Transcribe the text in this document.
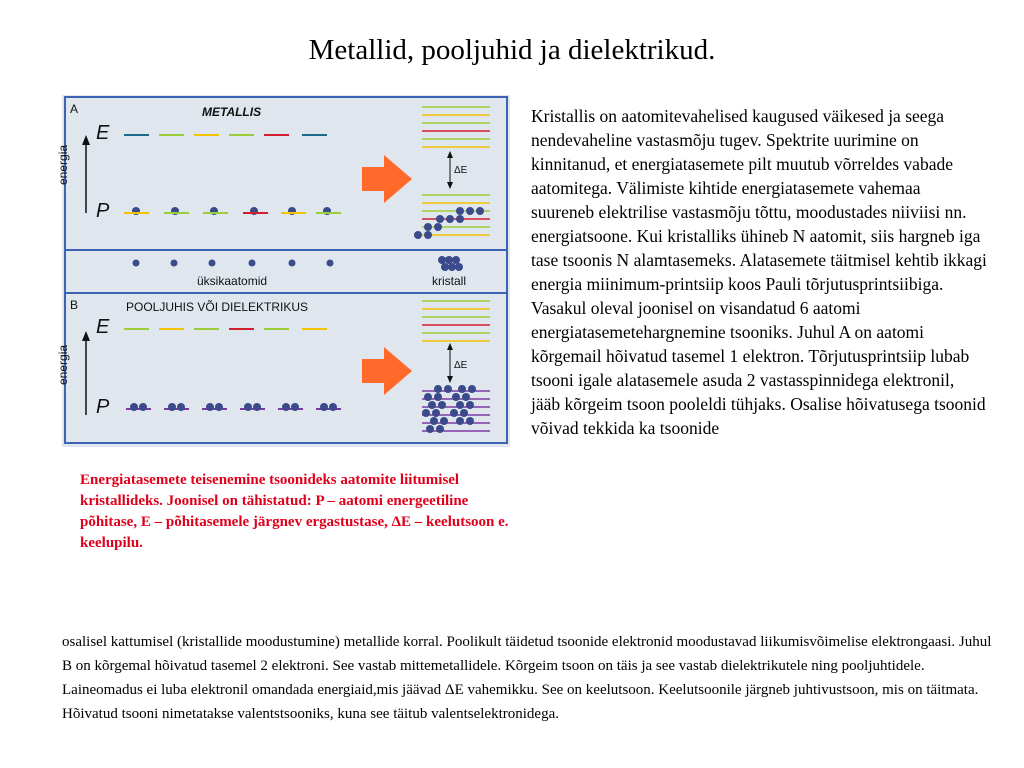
Metallid, pooljuhid ja dielektrikud.
A	METALLIS
E
P
energia	ΔE
üksikaatomid	kristall
B	POOLJUHIS VÕI DIELEKTRIKUS
E
P
energia	ΔE
Energiatasemete teisenemine tsoonideks aatomite liitumisel kristallideks. Joonisel on tähistatud: P – aatomi energeetiline põhitase, E – põhitasemele järgnev ergastustase, ΔE – keelutsoon e. keelupilu.
Kristallis on aatomitevahelised kaugused väikesed ja seega nendevaheline vastasmõju tugev. Spektrite uurimine on kinnitanud, et energiatasemete pilt muutub võrreldes vabade aatomitega. Välimiste kihtide energiatasemete vahemaa suureneb elektrilise vastasmõju tõttu, moodustades niiviisi nn. energiatsoone. Kui kristalliks ühineb N aatomit, siis hargneb iga tase tsoonis N alamtasemeks. Alatasemete täitmisel kehtib ikkagi energia miinimum-printsiip koos Pauli tõrjutusprintsiibiga. Vasakul oleval joonisel on visandatud 6 aatomi energiatasemetehargnemine tsooniks. Juhul A on aatomi kõrgemail hõivatud tasemel 1 elektron. Tõrjutusprintsiip lubab tsooni igale alatasemele asuda 2 vastasspinnidega elektronil, jääb kõrgeim tsoon pooleldi tühjaks. Osalise hõivatusega tsoonid võivad tekkida ka tsoonide
osalisel kattumisel (kristallide moodustumine) metallide korral. Poolikult täidetud tsoonide elektronid moodustavad liikumisvõimelise elektrongaasi. Juhul B on kõrgemal hõivatud tasemel 2 elektroni. See vastab mittemetallidele. Kõrgeim tsoon on täis ja see vastab dielektrikutele ning pooljuhtidele. Laineomadus ei luba elektronil omandada energiaid,mis jäävad ΔE vahemikku. See on keelutsoon. Keelutsoonile järgneb juhtivustsoon, mis on täitmata. Hõivatud tsooni nimetatakse valentstsooniks, kuna see täitub valentselektronidega.
